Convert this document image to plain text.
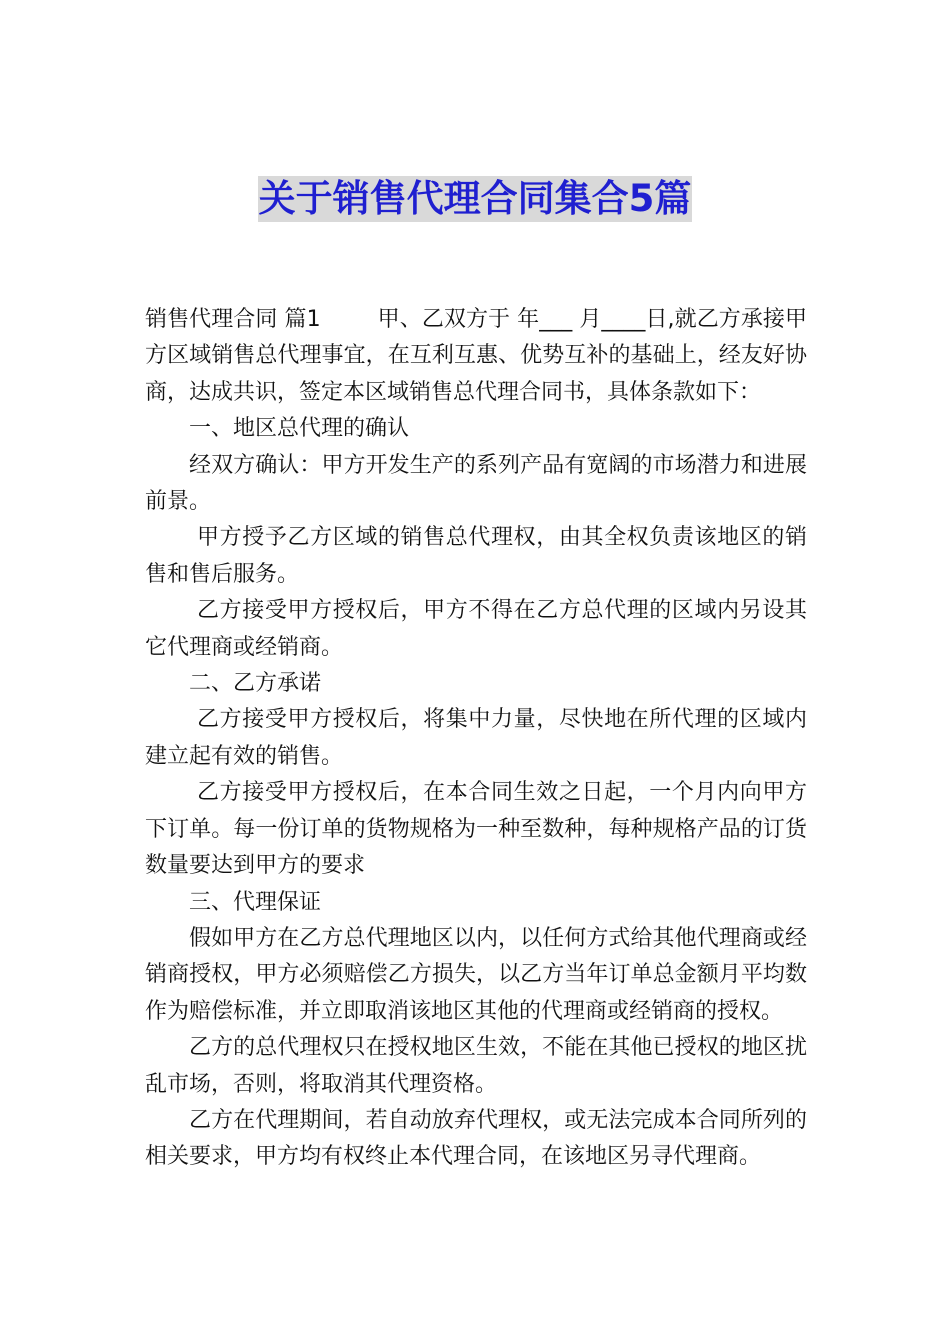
关于销售代理合同集合5篇

销售代理合同 篇1	甲、乙双方于 年___ 月____日,就乙方承接甲方区域销售总代理事宜，在互利互惠、优势互补的基础上，经友好协商，达成共识，签定本区域销售总代理合同书，具体条款如下：

一、地区总代理的确认

经双方确认：甲方开发生产的系列产品有宽阔的市场潜力和进展前景。

甲方授予乙方区域的销售总代理权，由其全权负责该地区的销售和售后服务。

乙方接受甲方授权后，甲方不得在乙方总代理的区域内另设其它代理商或经销商。

二、乙方承诺

乙方接受甲方授权后，将集中力量，尽快地在所代理的区域内建立起有效的销售。

乙方接受甲方授权后，在本合同生效之日起，一个月内向甲方下订单。每一份订单的货物规格为一种至数种，每种规格产品的订货数量要达到甲方的要求

三、代理保证

假如甲方在乙方总代理地区以内，以任何方式给其他代理商或经销商授权，甲方必须赔偿乙方损失，以乙方当年订单总金额月平均数作为赔偿标准，并立即取消该地区其他的代理商或经销商的授权。

乙方的总代理权只在授权地区生效，不能在其他已授权的地区扰乱市场，否则，将取消其代理资格。

乙方在代理期间，若自动放弃代理权，或无法完成本合同所列的相关要求，甲方均有权终止本代理合同，在该地区另寻代理商。
